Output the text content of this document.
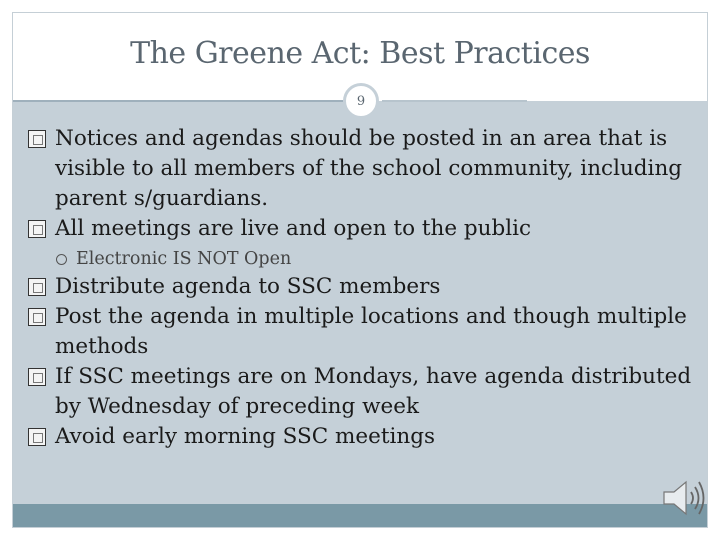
The Greene Act: Best Practices
9
Notices and agendas should be posted in an area that is visible to all members of the school community, including parent s/guardians.
All meetings are live and open to the public
Electronic IS NOT Open
Distribute agenda to SSC members
Post the agenda in multiple locations and though multiple methods
If SSC meetings are on Mondays, have agenda distributed by Wednesday of preceding week
Avoid early morning SSC meetings
